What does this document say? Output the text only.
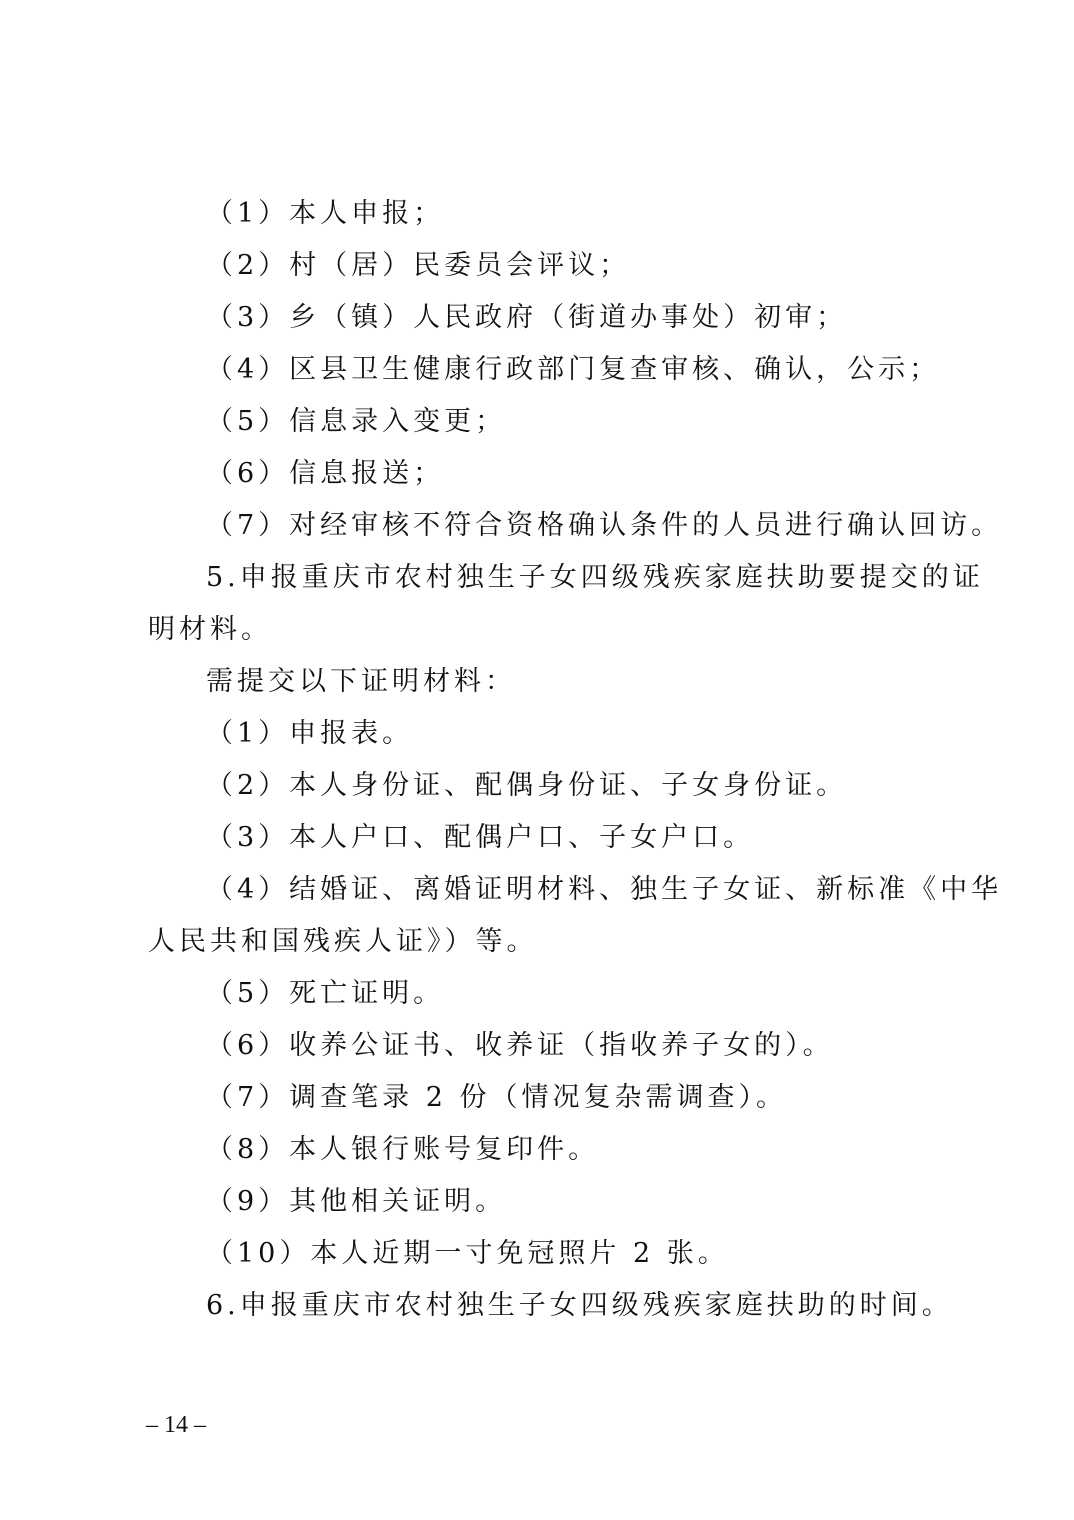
（1）本人申报；
（2）村（居）民委员会评议；
（3）乡（镇）人民政府（街道办事处）初审；
（4）区县卫生健康行政部门复查审核、确认，公示；
（5）信息录入变更；
（6）信息报送；
（7）对经审核不符合资格确认条件的人员进行确认回访。
5.申报重庆市农村独生子女四级残疾家庭扶助要提交的证
明材料。
需提交以下证明材料：
（1）申报表。
（2）本人身份证、配偶身份证、子女身份证。
（3）本人户口、配偶户口、子女户口。
（4）结婚证、离婚证明材料、独生子女证、新标准《中华
人民共和国残疾人证》）等。
（5）死亡证明。
（6）收养公证书、收养证（指收养子女的）。
（7）调查笔录 2 份（情况复杂需调查）。
（8）本人银行账号复印件。
（9）其他相关证明。
（10）本人近期一寸免冠照片 2 张。
6.申报重庆市农村独生子女四级残疾家庭扶助的时间。
– 14 –
